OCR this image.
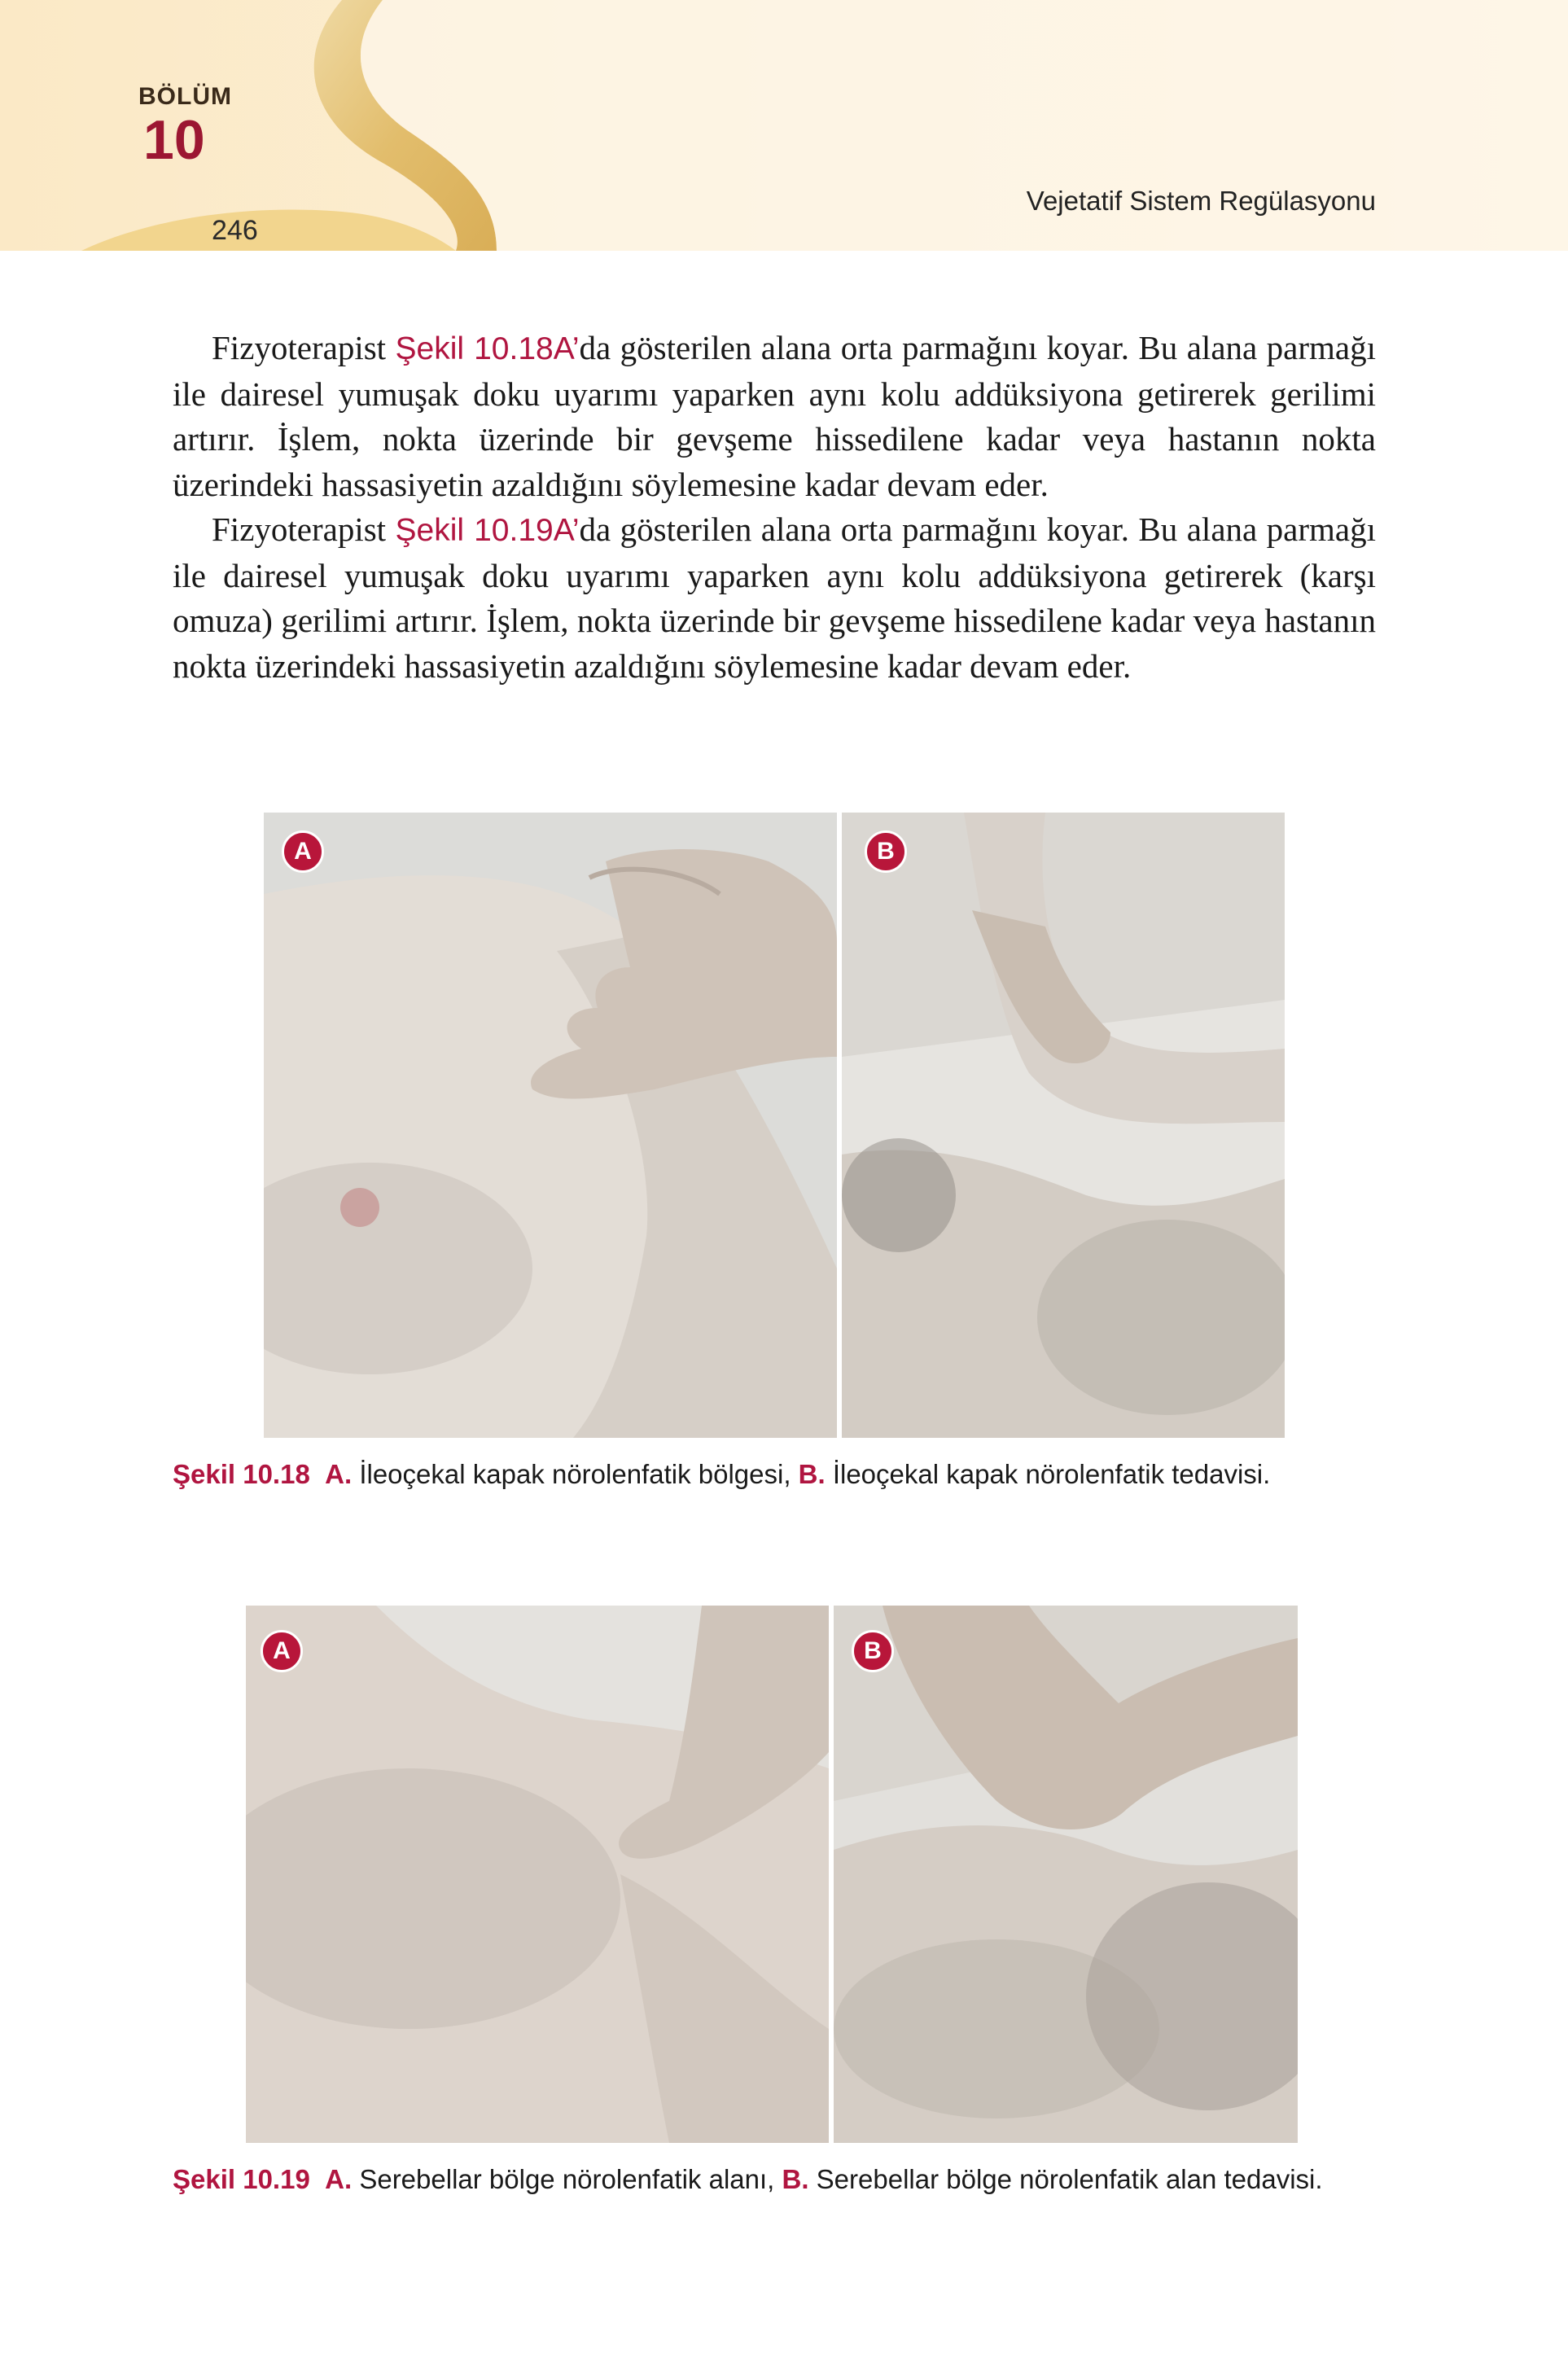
BÖLÜM
10
246
Vejetatif Sistem Regülasyonu

Fizyoterapist Şekil 10.18A’da gösterilen alana orta parmağını koyar. Bu alana parmağı ile dairesel yumuşak doku uyarımı yaparken aynı kolu addüksiyona getirerek gerilimi artırır. İşlem, nokta üzerinde bir gevşeme hissedilene kadar veya hastanın nokta üzerindeki hassasiyetin azaldığını söylemesine kadar devam eder.

Fizyoterapist Şekil 10.19A’da gösterilen alana orta parmağını koyar. Bu alana parmağı ile dairesel yumuşak doku uyarımı yaparken aynı kolu addüksiyona getirerek (karşı omuza) gerilimi artırır. İşlem, nokta üzerinde bir gevşeme hissedilene kadar veya hastanın nokta üzerindeki hassasiyetin azaldığını söylemesine kadar devam eder.

A	B
Şekil 10.18 A. İleoçekal kapak nörolenfatik bölgesi, B. İleoçekal kapak nörolenfatik tedavisi.
A	B
Şekil 10.19 A. Serebellar bölge nörolenfatik alanı, B. Serebellar bölge nörolenfatik alan tedavisi.
